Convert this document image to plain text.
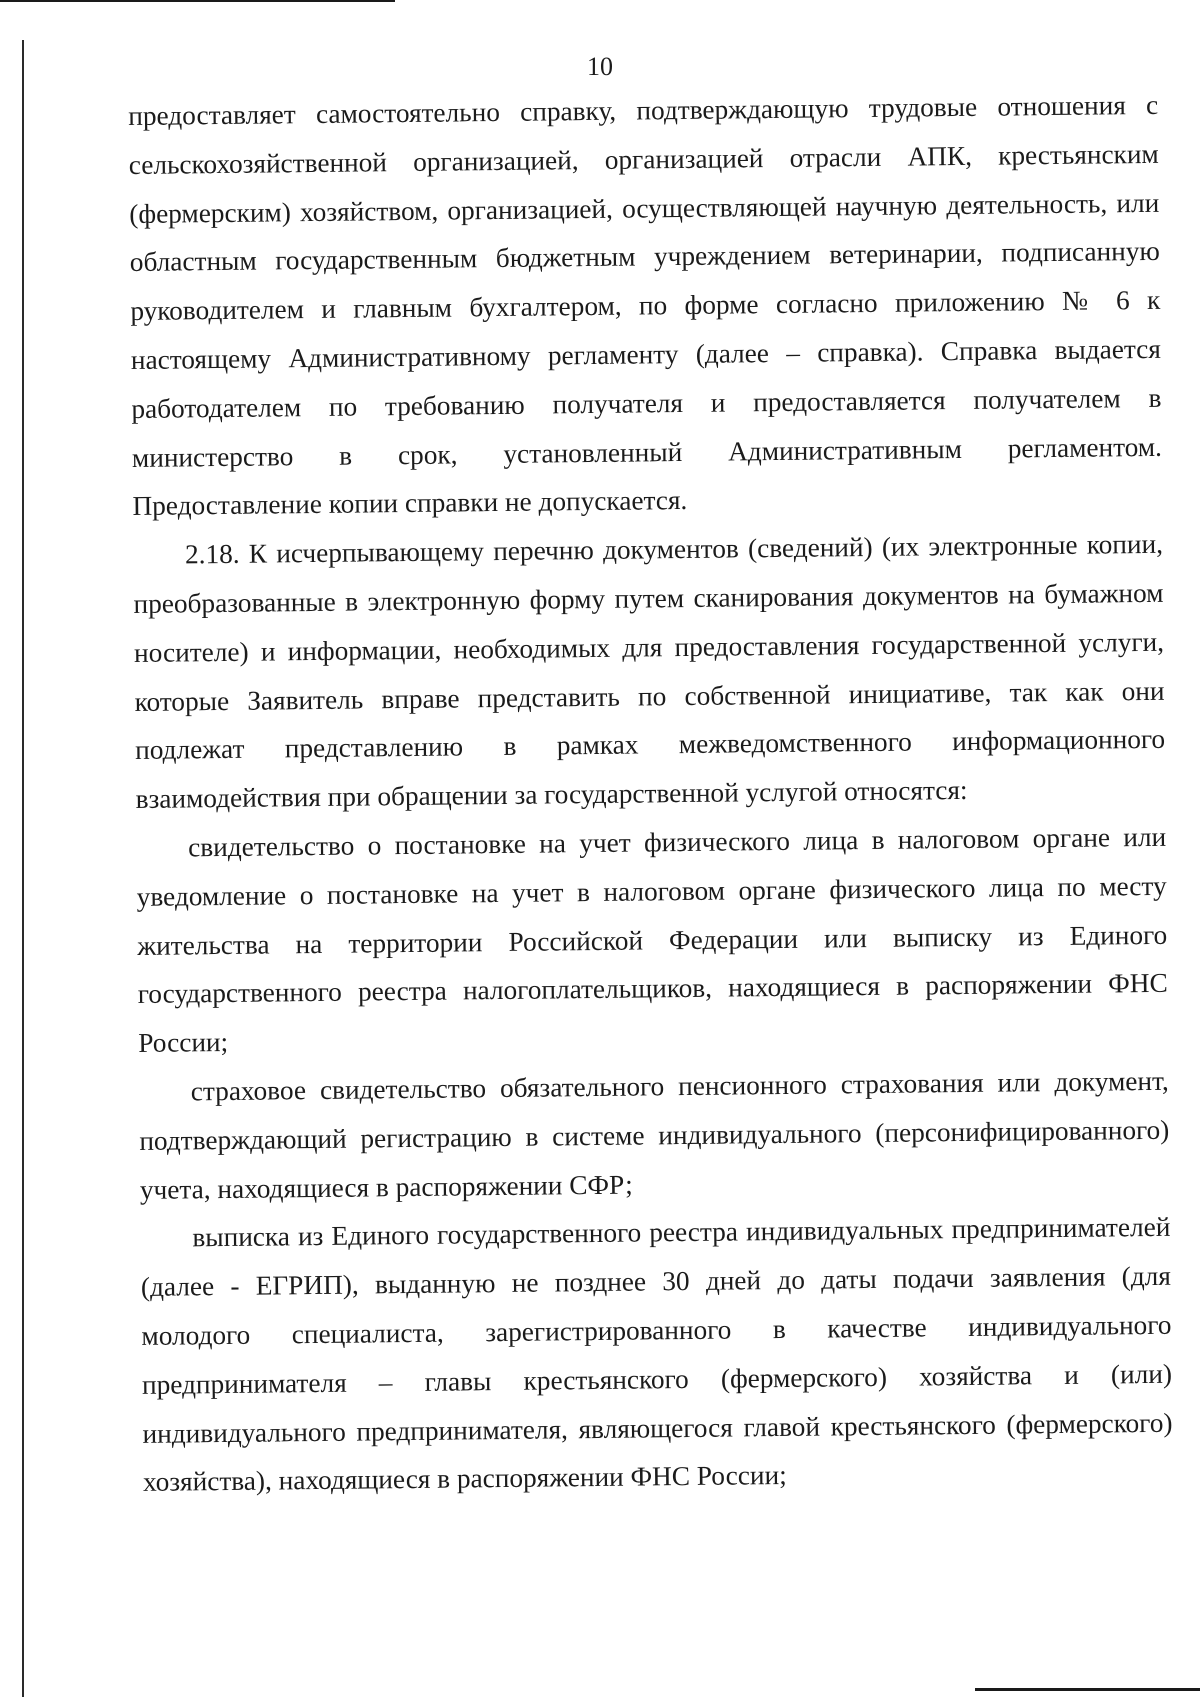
10

предоставляет самостоятельно справку, подтверждающую трудовые отношения с сельскохозяйственной организацией, организацией отрасли АПК, крестьянским (фермерским) хозяйством, организацией, осуществляющей научную деятельность, или областным государственным бюджетным учреждением ветеринарии, подписанную руководителем и главным бухгалтером, по форме согласно приложению № 6 к настоящему Административному регламенту (далее – справка). Справка выдается работодателем по требованию получателя и предоставляется получателем в министерство в срок, установленный Административным регламентом. Предоставление копии справки не допускается.

2.18. К исчерпывающему перечню документов (сведений) (их электронные копии, преобразованные в электронную форму путем сканирования документов на бумажном носителе) и информации, необходимых для предоставления государственной услуги, которые Заявитель вправе представить по собственной инициативе, так как они подлежат представлению в рамках межведомственного информационного взаимодействия при обращении за государственной услугой относятся:

свидетельство о постановке на учет физического лица в налоговом органе или уведомление о постановке на учет в налоговом органе физического лица по месту жительства на территории Российской Федерации или выписку из Единого государственного реестра налогоплательщиков, находящиеся в распоряжении ФНС России;

страховое свидетельство обязательного пенсионного страхования или документ, подтверждающий регистрацию в системе индивидуального (персонифицированного) учета, находящиеся в распоряжении СФР;

выписка из Единого государственного реестра индивидуальных предпринимателей (далее - ЕГРИП), выданную не позднее 30 дней до даты подачи заявления (для молодого специалиста, зарегистрированного в качестве индивидуального предпринимателя – главы крестьянского (фермерского) хозяйства и (или) индивидуального предпринимателя, являющегося главой крестьянского (фермерского) хозяйства), находящиеся в распоряжении ФНС России;
